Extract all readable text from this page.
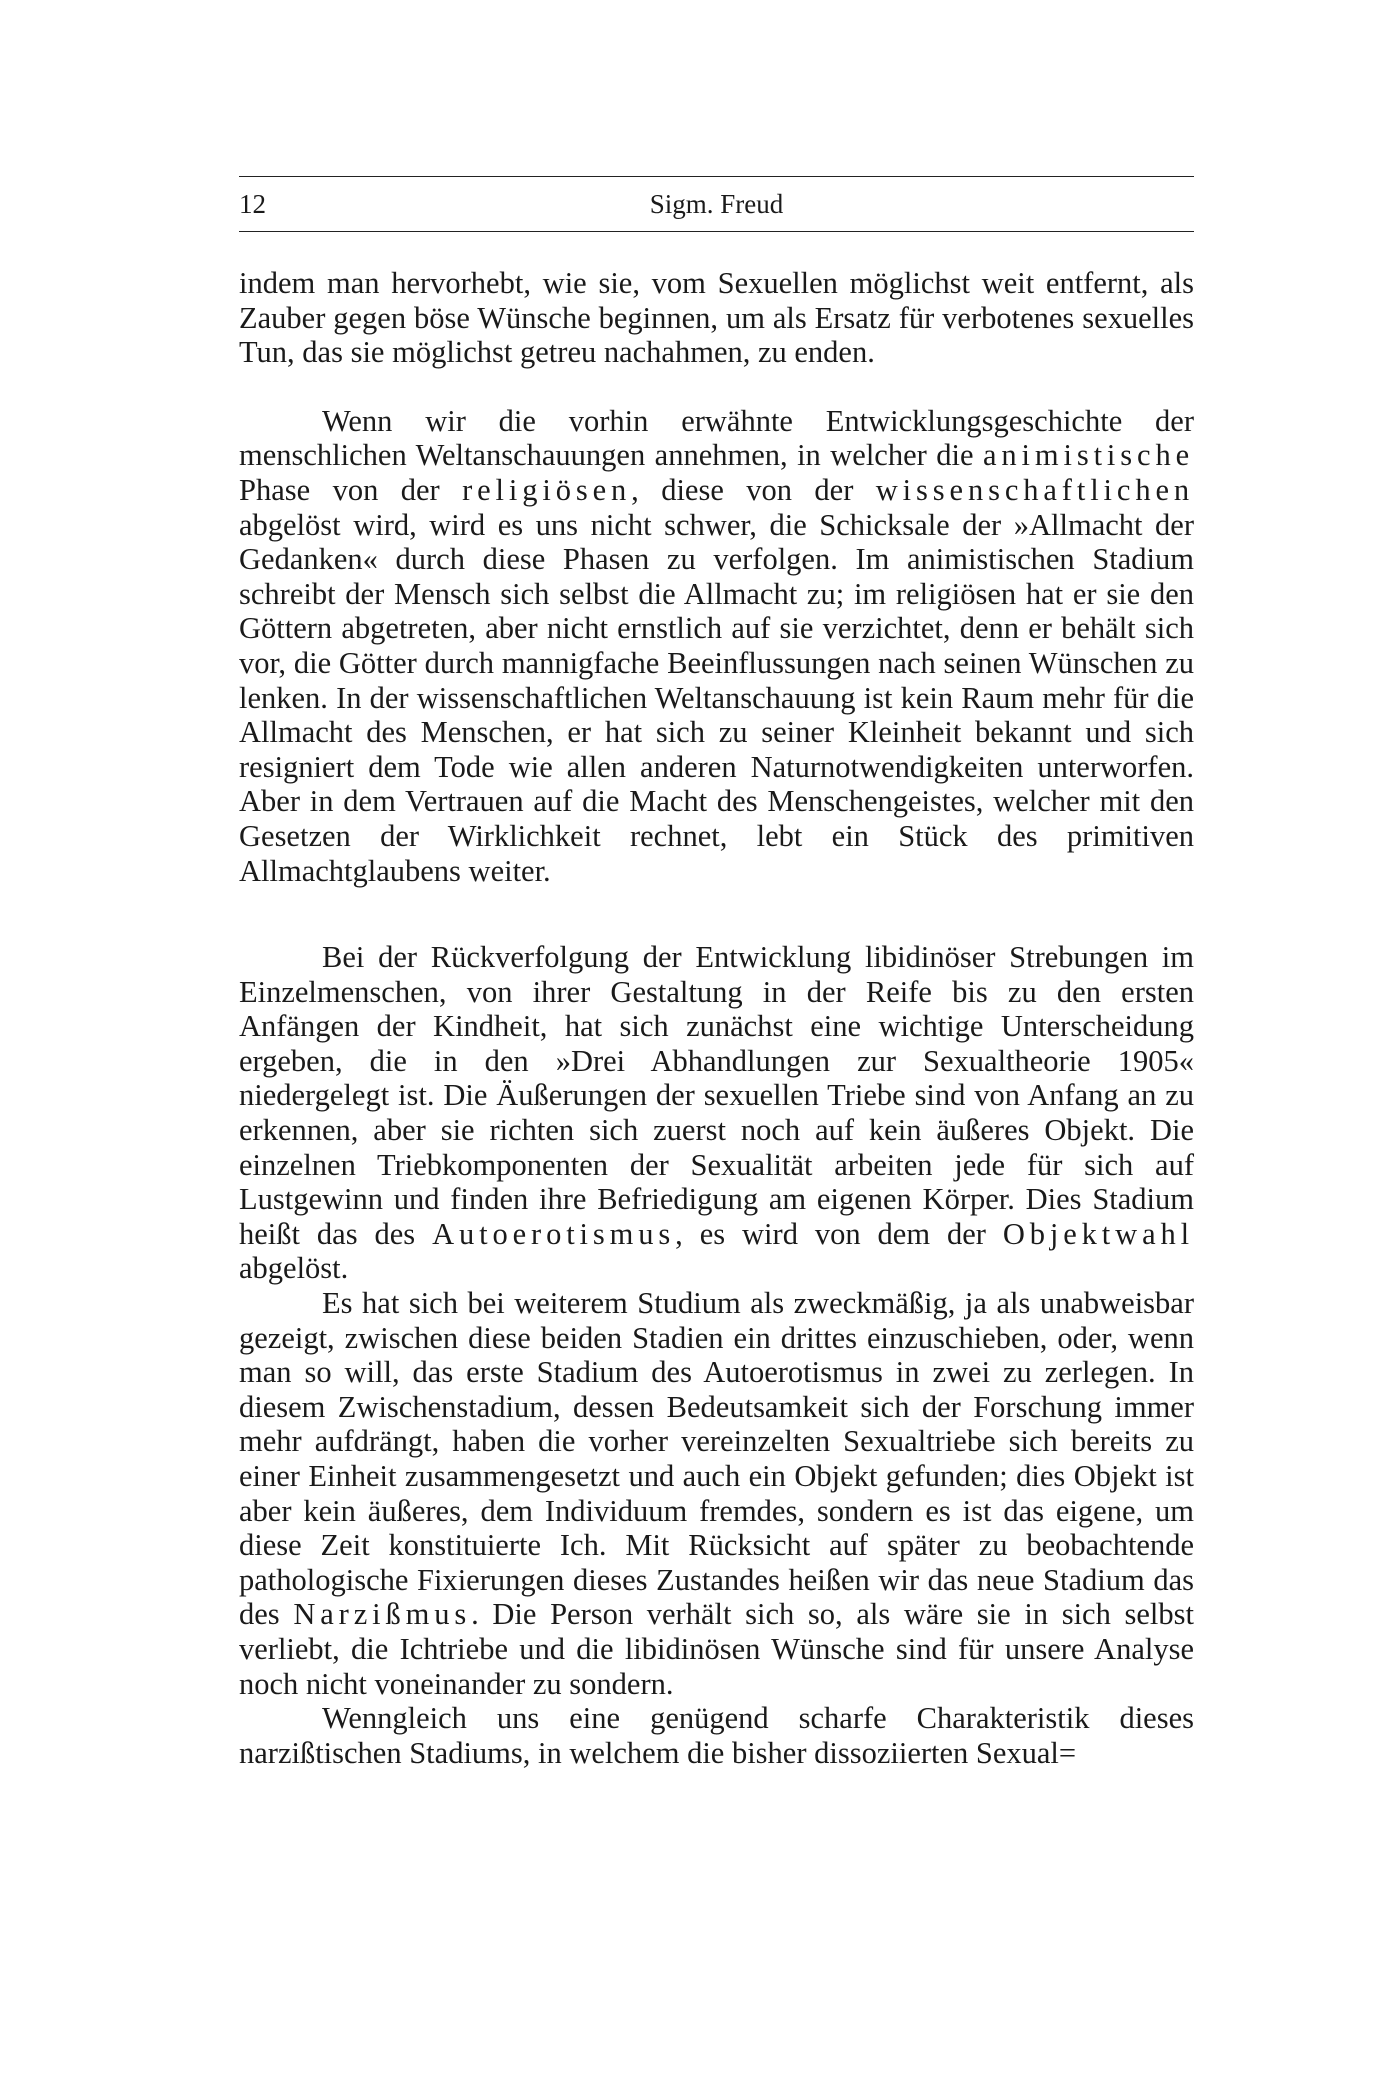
12	Sigm. Freud

indem man hervorhebt, wie sie, vom Sexuellen möglichst weit entfernt, als Zauber gegen böse Wünsche beginnen, um als Ersatz für verbotenes sexuelles Tun, das sie möglichst getreu nachahmen, zu enden.

Wenn wir die vorhin erwähnte Entwicklungsgeschichte der menschlichen Weltanschauungen annehmen, in welcher die animistische Phase von der religiösen, diese von der wissenschaftlichen abgelöst wird, wird es uns nicht schwer, die Schicksale der »Allmacht der Gedanken« durch diese Phasen zu verfolgen. Im animistischen Stadium schreibt der Mensch sich selbst die Allmacht zu; im religiösen hat er sie den Göttern abgetreten, aber nicht ernstlich auf sie verzichtet, denn er behält sich vor, die Götter durch mannigfache Beeinflussungen nach seinen Wünschen zu lenken. In der wissenschaftlichen Weltanschauung ist kein Raum mehr für die Allmacht des Menschen, er hat sich zu seiner Kleinheit bekannt und sich resigniert dem Tode wie allen anderen Naturnotwendigkeiten unterworfen. Aber in dem Vertrauen auf die Macht des Menschengeistes, welcher mit den Gesetzen der Wirklichkeit rechnet, lebt ein Stück des primitiven Allmachtglaubens weiter.

Bei der Rückverfolgung der Entwicklung libidinöser Strebungen im Einzelmenschen, von ihrer Gestaltung in der Reife bis zu den ersten Anfängen der Kindheit, hat sich zunächst eine wichtige Unterscheidung ergeben, die in den »Drei Abhandlungen zur Sexualtheorie 1905« niedergelegt ist. Die Äußerungen der sexuellen Triebe sind von Anfang an zu erkennen, aber sie richten sich zuerst noch auf kein äußeres Objekt. Die einzelnen Triebkomponenten der Sexualität arbeiten jede für sich auf Lustgewinn und finden ihre Befriedigung am eigenen Körper. Dies Stadium heißt das des Autoerotismus, es wird von dem der Objektwahl abgelöst.

Es hat sich bei weiterem Studium als zweckmäßig, ja als unabweisbar gezeigt, zwischen diese beiden Stadien ein drittes einzuschieben, oder, wenn man so will, das erste Stadium des Autoerotismus in zwei zu zerlegen. In diesem Zwischenstadium, dessen Bedeutsamkeit sich der Forschung immer mehr aufdrängt, haben die vorher vereinzelten Sexualtriebe sich bereits zu einer Einheit zusammengesetzt und auch ein Objekt gefunden; dies Objekt ist aber kein äußeres, dem Individuum fremdes, sondern es ist das eigene, um diese Zeit konstituierte Ich. Mit Rücksicht auf später zu beobachtende pathologische Fixierungen dieses Zustandes heißen wir das neue Stadium das des Narzißmus. Die Person verhält sich so, als wäre sie in sich selbst verliebt, die Ichtriebe und die libidinösen Wünsche sind für unsere Analyse noch nicht voneinander zu sondern.

Wenngleich uns eine genügend scharfe Charakteristik dieses narzißtischen Stadiums, in welchem die bisher dissoziierten Sexual=
